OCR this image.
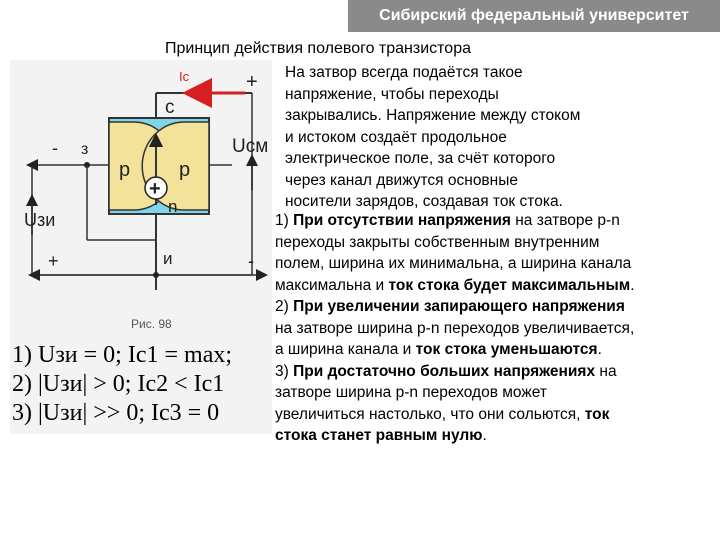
Сибирский федеральный университет
Принцип действия полевого транзистора
Ic	+
c
- з	Uсм
p p
+
n
Uзи
+	и	-
Рис. 98
1) Uзи = 0; Ic1 = max;
2) |Uзи| > 0; Ic2 < Ic1
3) |Uзи| >> 0; Ic3 = 0
На затвор всегда подаётся такое
напряжение, чтобы переходы
закрывались. Напряжение между стоком
и истоком создаёт продольное
электрическое поле, за счёт которого
через канал движутся основные
носители зарядов, создавая ток стока.
1) При отсутствии напряжения на затворе p-n переходы закрыты собственным внутренним полем, ширина их минимальна, а ширина канала максимальна и ток стока будет максимальным.
2) При увеличении запирающего напряжения на затворе ширина p-n переходов увеличивается, а ширина канала и ток стока уменьшаются.
3) При достаточно больших напряжениях на затворе ширина p-n переходов может увеличиться настолько, что они сольются, ток стока станет равным нулю.
